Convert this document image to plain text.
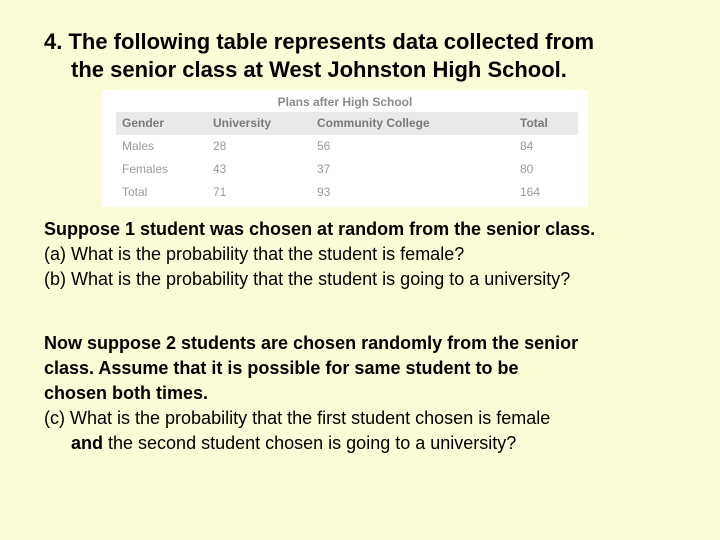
4. The following table represents data collected from
the senior class at West Johnston High School.
Plans after High School
Gender	University	Community College	Total
Males	28	56	84
Females	43	37	80
Total	71	93	164
Suppose 1 student was chosen at random from the senior class.
(a) What is the probability that the student is female?
(b) What is the probability that the student is going to a university?
Now suppose 2 students are chosen randomly from the senior
class. Assume that it is possible for same student to be
chosen both times.
(c) What is the probability that the first student chosen is female
and the second student chosen is going to a university?
